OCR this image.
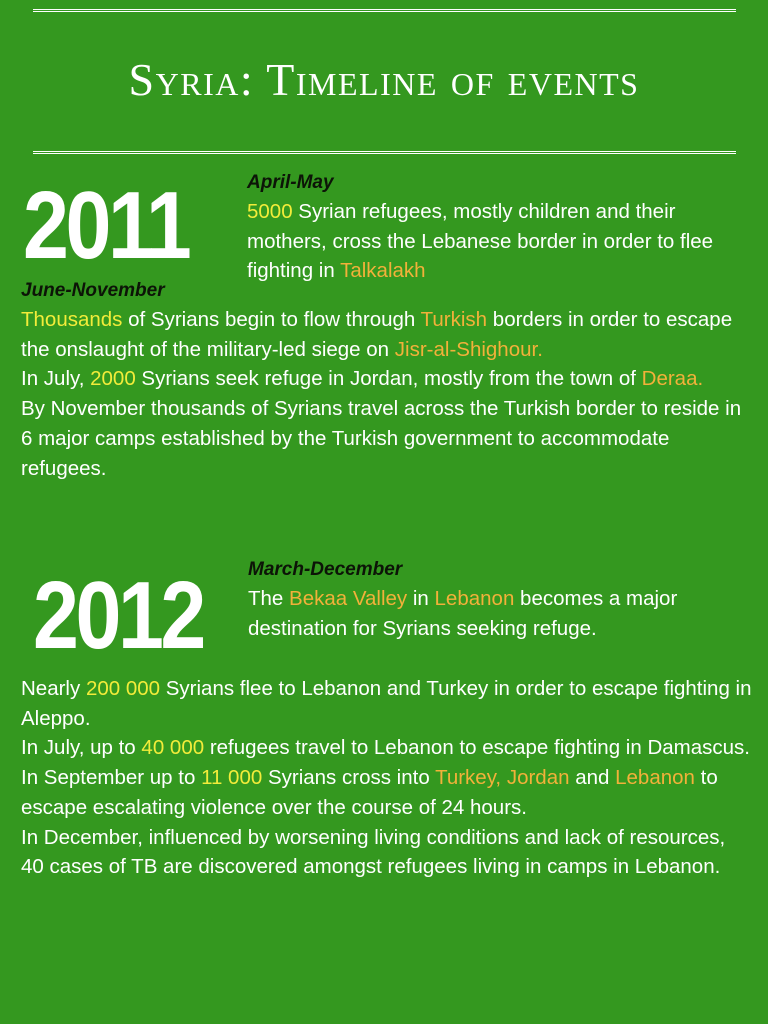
Syria: Timeline of events
2011	April-May

5000 Syrian refugees, mostly children and their mothers, cross the Lebanese border in order to flee fighting in Talkalakh

June-November

Thousands of Syrians begin to flow through Turkish borders in order to escape the onslaught of the military-led siege on Jisr-al-Shighour.

In July, 2000 Syrians seek refuge in Jordan, mostly from the town of Deraa.

By November thousands of Syrians travel across the Turkish border to reside in 6 major camps established by the Turkish government to accommodate refugees.

2012 March-December

The Bekaa Valley in Lebanon becomes a major destination for Syrians seeking refuge.

Nearly 200 000 Syrians flee to Lebanon and Turkey in order to escape fighting in Aleppo.

In July, up to 40 000 refugees travel to Lebanon to escape fighting in Damascus.

In September up to 11 000 Syrians cross into Turkey, Jordan and Lebanon to escape escalating violence over the course of 24 hours.

In December, influenced by worsening living conditions and lack of resources, 40 cases of TB are discovered amongst refugees living in camps in Lebanon.
